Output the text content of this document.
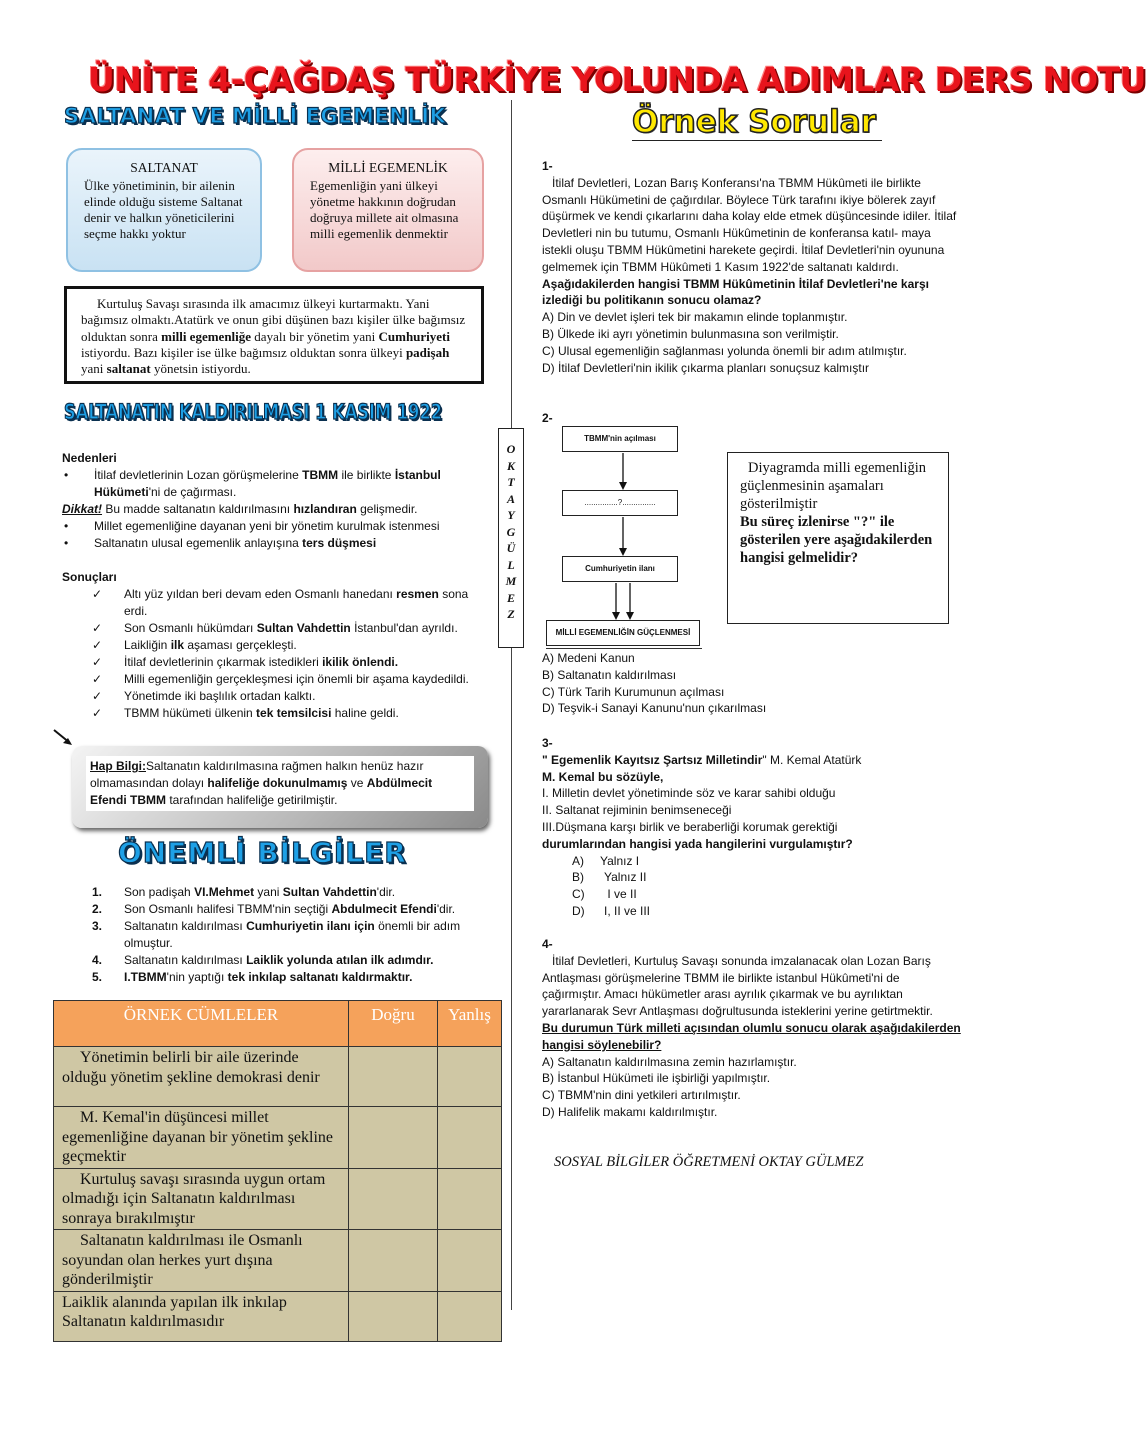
ÜNİTE 4-ÇAĞDAŞ TÜRKİYE YOLUNDA ADIMLAR DERS NOTU
SALTANAT VE MİLLİ EGEMENLİK
SALTANAT
Ülke yönetiminin, bir ailenin elinde olduğu sisteme Saltanat denir ve halkın yöneticilerini seçme hakkı yoktur
MİLLİ EGEMENLİK
Egemenliğin yani ülkeyi yönetme hakkının doğrudan doğruya millete ait olmasına milli egemenlik denmektir
Kurtuluş Savaşı sırasında ilk amacımız ülkeyi kurtarmaktı. Yani bağımsız olmaktı.Atatürk ve onun gibi düşünen bazı kişiler ülke bağımsız olduktan sonra milli egemenliğe dayalı bir yönetim yani Cumhuriyeti istiyordu. Bazı kişiler ise ülke bağımsız olduktan sonra ülkeyi padişah yani saltanat yönetsin istiyordu.
SALTANATIN KALDIRILMASI 1 KASIM 1922
Nedenleri
• İtilaf devletlerinin Lozan görüşmelerine TBMM ile birlikte İstanbul Hükümeti'ni de çağırması.
Dikkat! Bu madde saltanatın kaldırılmasını hızlandıran gelişmedir.
• Millet egemenliğine dayanan yeni bir yönetim kurulmak istenmesi
• Saltanatın ulusal egemenlik anlayışına ters düşmesi
Sonuçları
✓	Altı yüz yıldan beri devam eden Osmanlı hanedanı resmen sona erdi.
✓	Son Osmanlı hükümdarı Sultan Vahdettin İstanbul'dan ayrıldı.
✓	Laikliğin ilk aşaması gerçekleşti.
✓	İtilaf devletlerinin çıkarmak istedikleri ikilik önlendi.
✓	Milli egemenliğin gerçekleşmesi için önemli bir aşama kaydedildi.
✓	Yönetimde iki başlılık ortadan kalktı.
✓	TBMM hükümeti ülkenin tek temsilcisi haline geldi.
Hap Bilgi:Saltanatın kaldırılmasına rağmen halkın henüz hazır olmamasından dolayı halifeliğe dokunulmamış ve Abdülmecit Efendi TBMM tarafından halifeliğe getirilmiştir.
ÖNEMLİ BİLGİLER
1. Son padişah VI.Mehmet yani Sultan Vahdettin'dir.
2. Son Osmanlı halifesi TBMM'nin seçtiği Abdulmecit Efendi'dir.
3. Saltanatın kaldırılması Cumhuriyetin ilanı için önemli bir adım olmuştur.
4. Saltanatın kaldırılması Laiklik yolunda atılan ilk adımdır.
5. I.TBMM'nin yaptığı tek inkılap saltanatı kaldırmaktır.
ÖRNEK CÜMLELER	Doğru	Yanlış
Yönetimin belirli bir aile üzerinde olduğu yönetim şekline demokrasi denir		
M. Kemal'in düşüncesi millet egemenliğine dayanan bir yönetim şekline geçmektir		
Kurtuluş savaşı sırasında uygun ortam olmadığı için Saltanatın kaldırılması sonraya bırakılmıştır		
Saltanatın kaldırılması ile Osmanlı soyundan olan herkes yurt dışına gönderilmiştir		
Laiklik alanında yapılan ilk inkılap Saltanatın kaldırılmasıdır		
O
K
T
A
Y
G
Ü
L
M
E
Z
Örnek Sorular

1-

İtilaf Devletleri, Lozan Barış Konferansı'na TBMM Hükûmeti ile birlikte Osmanlı Hükümetini de çağırdılar. Böylece Türk tarafını ikiye bölerek zayıf düşürmek ve kendi çıkarlarını daha kolay elde etmek düşüncesinde idiler. İtilaf Devletleri nin bu tutumu, Osmanlı Hükûmetinin de konferansa katıl- maya istekli oluşu TBMM Hükûmetini harekete geçirdi. İtilaf Devletleri'nin oyununa gelmemek için TBMM Hükûmeti 1 Kasım 1922'de saltanatı kaldırdı.

Aşağıdakilerden hangisi TBMM Hükûmetinin İtilaf Devletleri'ne karşı izlediği bu politikanın sonucu olamaz?

A) Din ve devlet işleri tek bir makamın elinde toplanmıştır.

B) Ülkede iki ayrı yönetimin bulunmasına son verilmiştir.

C) Ulusal egemenliğin sağlanması yolunda önemli bir adım atılmıştır.

D) İtilaf Devletleri'nin ikilik çıkarma planları sonuçsuz kalmıştır

2-
TBMM'nin açılması
...............?...............
Cumhuriyetin ilanı
MİLLİ EGEMENLİĞİN GÜÇLENMESİ
Diyagramda milli egemenliğin güçlenmesinin aşamaları gösterilmiştir
Bu süreç izlenirse "?" ile gösterilen yere aşağıdakilerden hangisi gelmelidir?

A) Medeni Kanun

B) Saltanatın kaldırılması

C) Türk Tarih Kurumunun açılması

D) Teşvik-i Sanayi Kanunu'nun çıkarılması

3-

" Egemenlik Kayıtsız Şartsız Milletindir" M. Kemal Atatürk

M. Kemal bu sözüyle,

I. Milletin devlet yönetiminde söz ve karar sahibi olduğu

II. Saltanat rejiminin benimseneceği

III.Düşmana karşı birlik ve beraberliği korumak gerektiği

durumlarından hangisi yada hangilerini vurgulamıştır?

A) Yalnız I

B) Yalnız II

C) I ve II

D) I, II ve III

4-

İtilaf Devletleri, Kurtuluş Savaşı sonunda imzalanacak olan Lozan Barış Antlaşması görüşmelerine TBMM ile birlikte istanbul Hükûmeti'ni de çağırmıştır. Amacı hükümetler arası ayrılık çıkarmak ve bu ayrılıktan yararlanarak Sevr Antlaşması doğrultusunda isteklerini yerine getirtmektir.

Bu durumun Türk milleti açısından olumlu sonucu olarak aşağıdakilerden hangisi söylenebilir?

A) Saltanatın kaldırılmasına zemin hazırlamıştır.

B) İstanbul Hükümeti ile işbirliği yapılmıştır.

C) TBMM'nin dini yetkileri artırılmıştır.

D) Halifelik makamı kaldırılmıştır.

SOSYAL BİLGİLER ÖĞRETMENİ OKTAY GÜLMEZ
